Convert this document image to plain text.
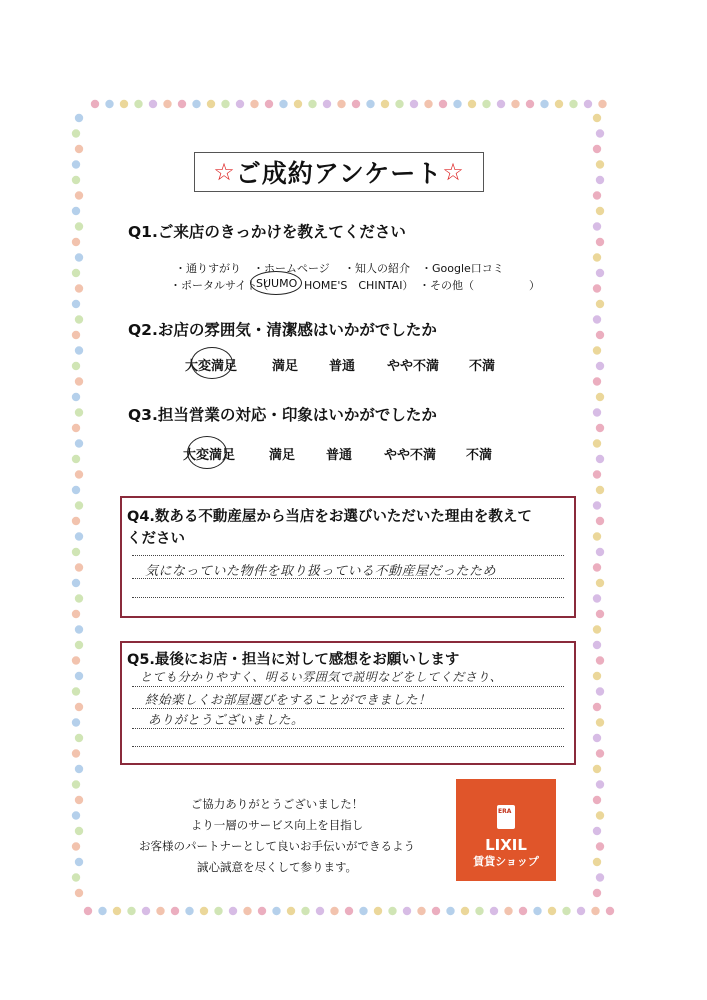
☆ ご成約アンケート ☆
Q1.ご来店のきっかけを教えてください
・通りすがり ・ホームページ ・知人の紹介 ・Google口コミ
・ポータルサイト（
SUUMO HOME'S　CHINTAI） ・その他（　　　　　）
Q2.お店の雰囲気・清潔感はいかがでしたか
大変満足	満足 普通 やや不満 不満
Q3.担当営業の対応・印象はいかがでしたか
大変満足	満足 普通 やや不満 不満
Q4.数ある不動産屋から当店をお選びいただいた理由を教えて
ください
気になっていた物件を取り扱っている不動産屋だったため
Q5.最後にお店・担当に対して感想をお願いします
とても分かりやすく、明るい雰囲気で説明などをしてくださり、
終始楽しくお部屋選びをすることができました！
ありがとうございました。
ご協力ありがとうございました！
より一層のサービス向上を目指し
お客様のパートナーとして良いお手伝いができるよう
誠心誠意を尽くして参ります。
ERA
LIXIL
賃貸ショップ
